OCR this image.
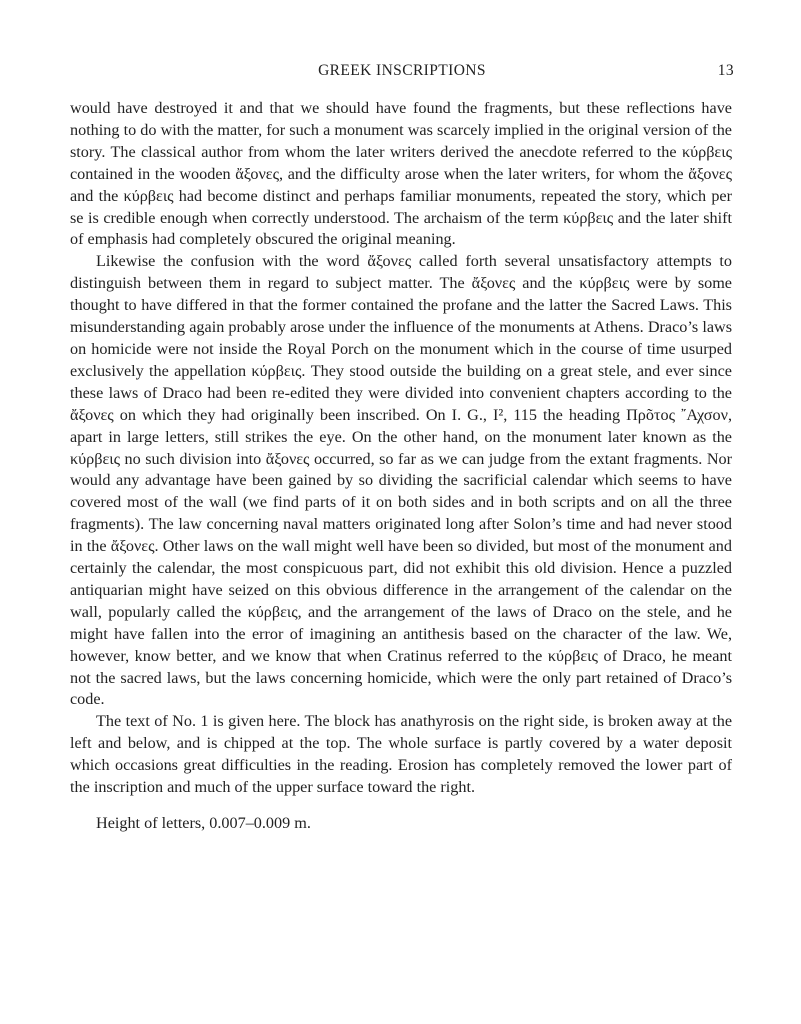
GREEK INSCRIPTIONS	13

would have destroyed it and that we should have found the fragments, but these reflections have nothing to do with the matter, for such a monument was scarcely implied in the original version of the story. The classical author from whom the later writers derived the anecdote referred to the κύρβεις contained in the wooden ἄξονες, and the difficulty arose when the later writers, for whom the ἄξονες and the κύρβεις had become distinct and perhaps familiar monuments, repeated the story, which per se is credible enough when correctly understood. The archaism of the term κύρβεις and the later shift of emphasis had completely obscured the original meaning.

Likewise the confusion with the word ἄξονες called forth several unsatisfactory attempts to distinguish between them in regard to subject matter. The ἄξονες and the κύρβεις were by some thought to have differed in that the former contained the profane and the latter the Sacred Laws. This misunderstanding again probably arose under the influence of the monuments at Athens. Draco’s laws on homicide were not inside the Royal Porch on the monument which in the course of time usurped exclusively the appellation κύρβεις. They stood outside the building on a great stele, and ever since these laws of Draco had been re-edited they were divided into convenient chapters according to the ἄξονες on which they had originally been inscribed. On I. G., I², 115 the heading Πρõτος ῎Αχσον, apart in large letters, still strikes the eye. On the other hand, on the monument later known as the κύρβεις no such division into ἄξονες occurred, so far as we can judge from the extant fragments. Nor would any advantage have been gained by so dividing the sacrificial calendar which seems to have covered most of the wall (we find parts of it on both sides and in both scripts and on all the three fragments). The law concerning naval matters originated long after Solon’s time and had never stood in the ἄξονες. Other laws on the wall might well have been so divided, but most of the monument and certainly the calendar, the most conspicuous part, did not exhibit this old division. Hence a puzzled antiquarian might have seized on this obvious difference in the arrangement of the calendar on the wall, popularly called the κύρβεις, and the arrangement of the laws of Draco on the stele, and he might have fallen into the error of imagining an antithesis based on the character of the law. We, however, know better, and we know that when Cratinus referred to the κύρβεις of Draco, he meant not the sacred laws, but the laws concerning homicide, which were the only part retained of Draco’s code.

The text of No. 1 is given here. The block has anathyrosis on the right side, is broken away at the left and below, and is chipped at the top. The whole surface is partly covered by a water deposit which occasions great difficulties in the reading. Erosion has completely removed the lower part of the inscription and much of the upper surface toward the right.

Height of letters, 0.007–0.009 m.
